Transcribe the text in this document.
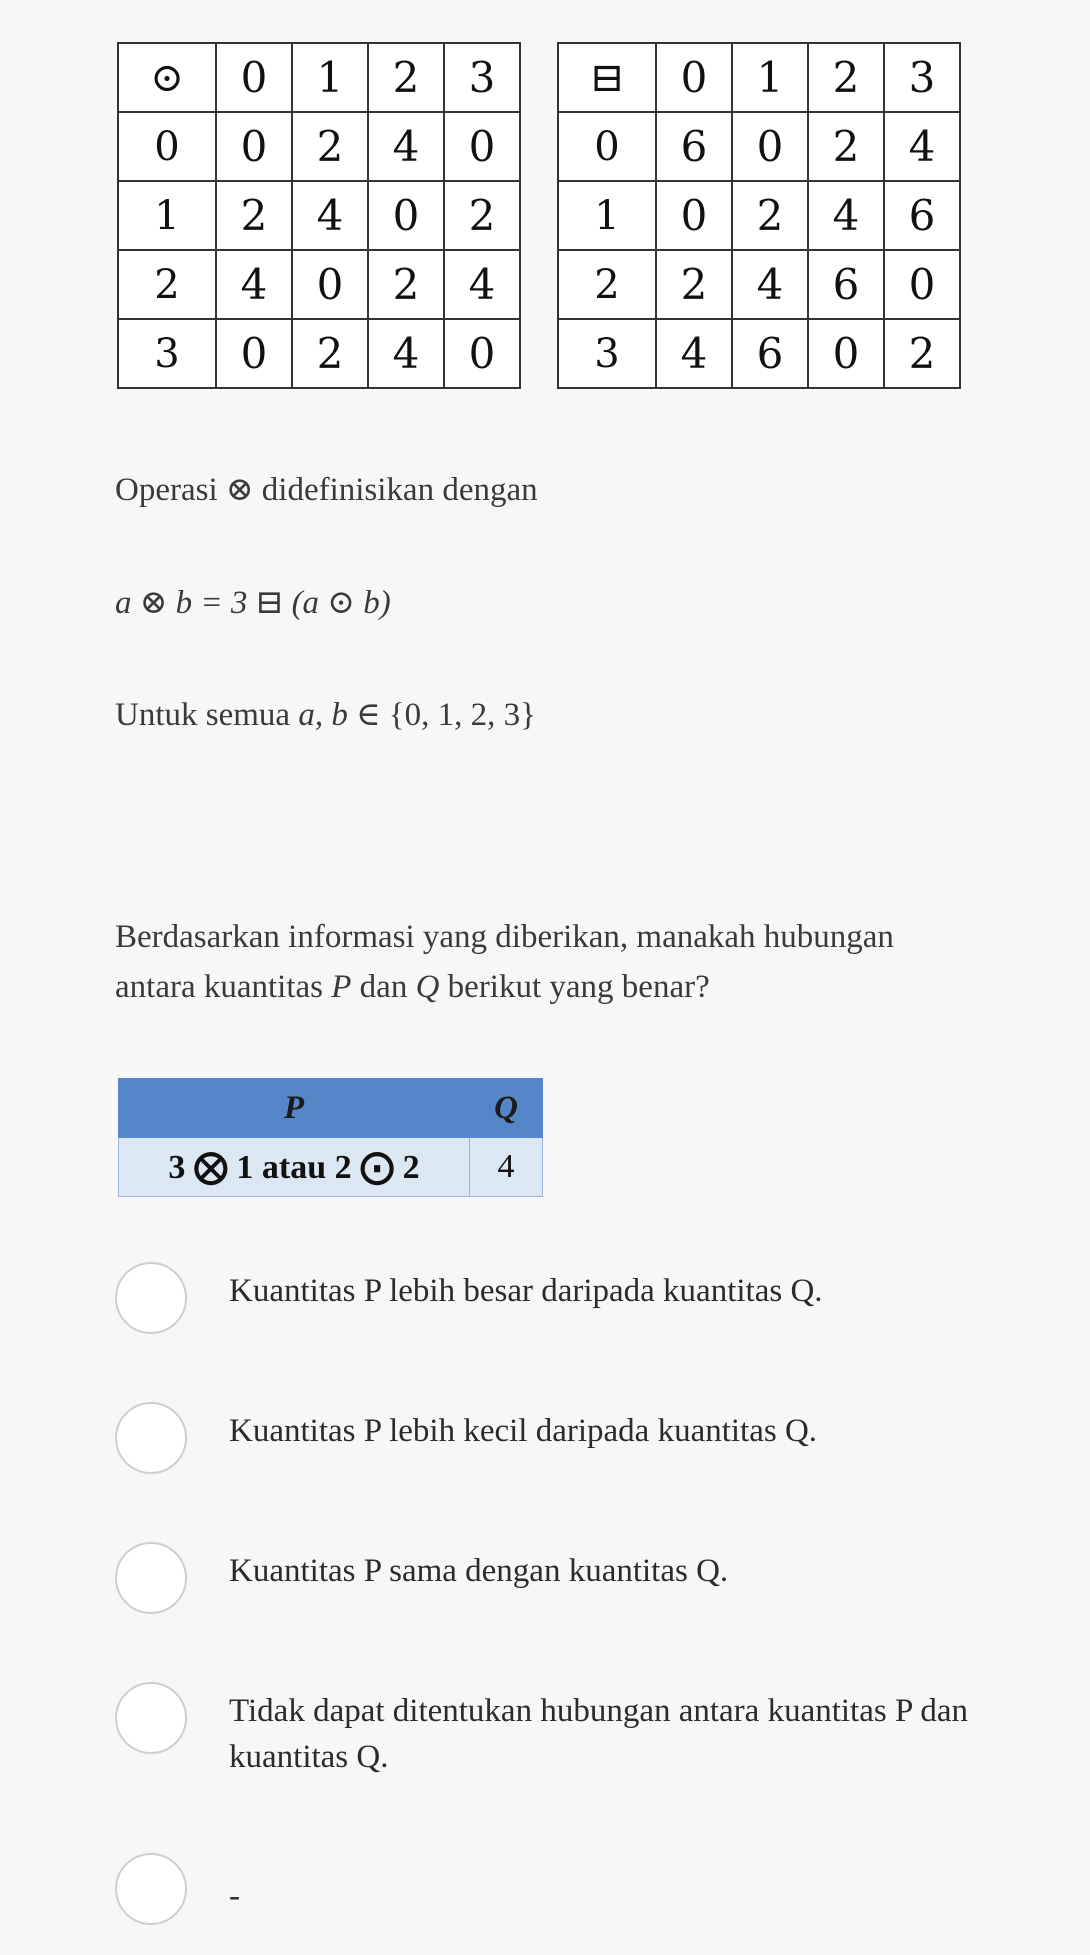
⊙	0	1	2	3
0	0	2	4	0
1	2	4	0	2
2	4	0	2	4
3	0	2	4	0
⊟	0	1	2	3
0	6	0	2	4
1	0	2	4	6
2	2	4	6	0
3	4	6	0	2
Operasi ⊗ didefinisikan dengan
a ⊗ b = 3 ⊟ (a ⊙ b)
Untuk semua a, b ∈ {0, 1, 2, 3}
Berdasarkan informasi yang diberikan, manakah hubungan
antara kuantitas P dan Q berikut yang benar?
P	Q
3 ⨂ 1 atau 2 ⨀ 2	4
Kuantitas P lebih besar daripada kuantitas Q.
Kuantitas P lebih kecil daripada kuantitas Q.
Kuantitas P sama dengan kuantitas Q.
Tidak dapat ditentukan hubungan antara kuantitas P dan kuantitas Q.
-
